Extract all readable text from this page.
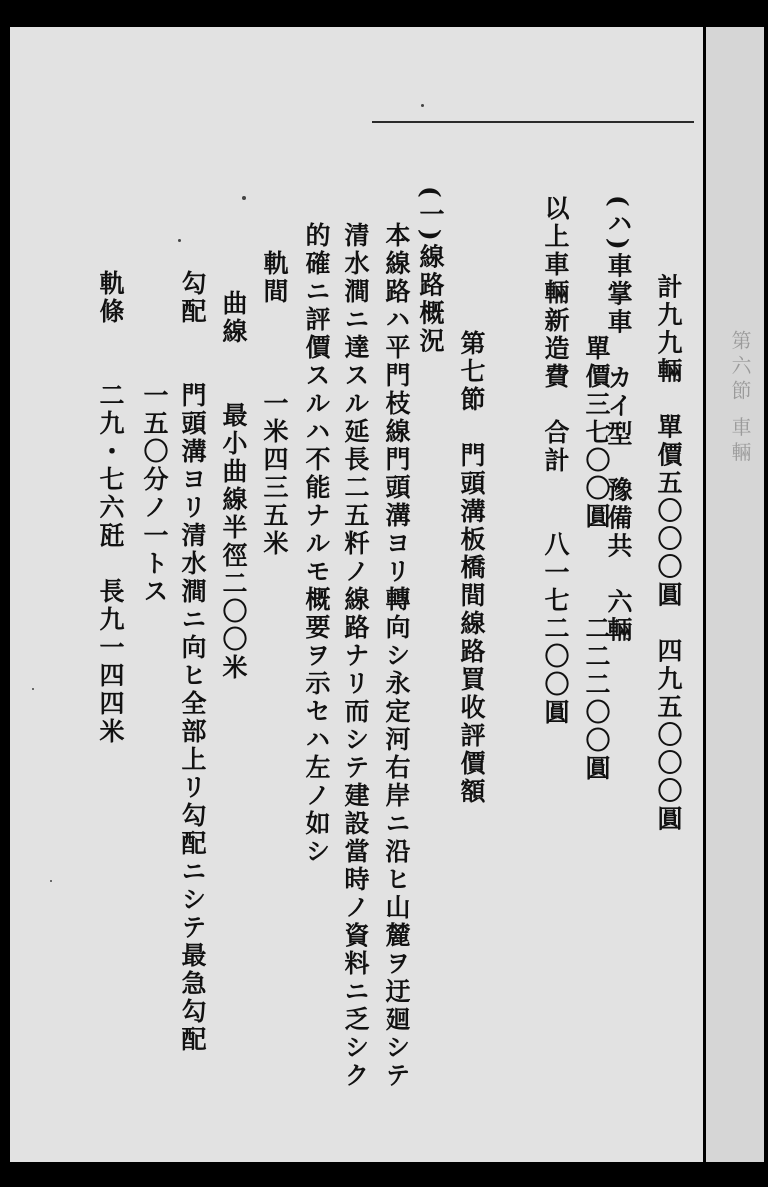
第六節 車輛
計九九輛　單價五〇〇〇圓　四九五〇〇〇圓
(ハ)車掌車　カイ型　豫備共　六輛
單價三七〇〇圓　　　二二二〇〇圓
以上車輛新造費　合計　　八一七二〇〇圓
第七節　門頭溝板橋間線路買收評價額
(一)線路概況
本線路ハ平門枝線門頭溝ヨリ轉向シ永定河右岸ニ沿ヒ山麓ヲ迂廻シテ
清水澗ニ達スル延長二五粁ノ線路ナリ而シテ建設當時ノ資料ニ乏シク
的確ニ評價スルハ不能ナルモ概要ヲ示セハ左ノ如シ
軌間　　　一米四三五米
曲線　　最小曲線半徑二〇〇米
勾配　　門頭溝ヨリ清水澗ニ向ヒ全部上リ勾配ニシテ最急勾配
　　　　一五〇分ノ一トス
軌條　　二九・七六瓩　長九一四四米
